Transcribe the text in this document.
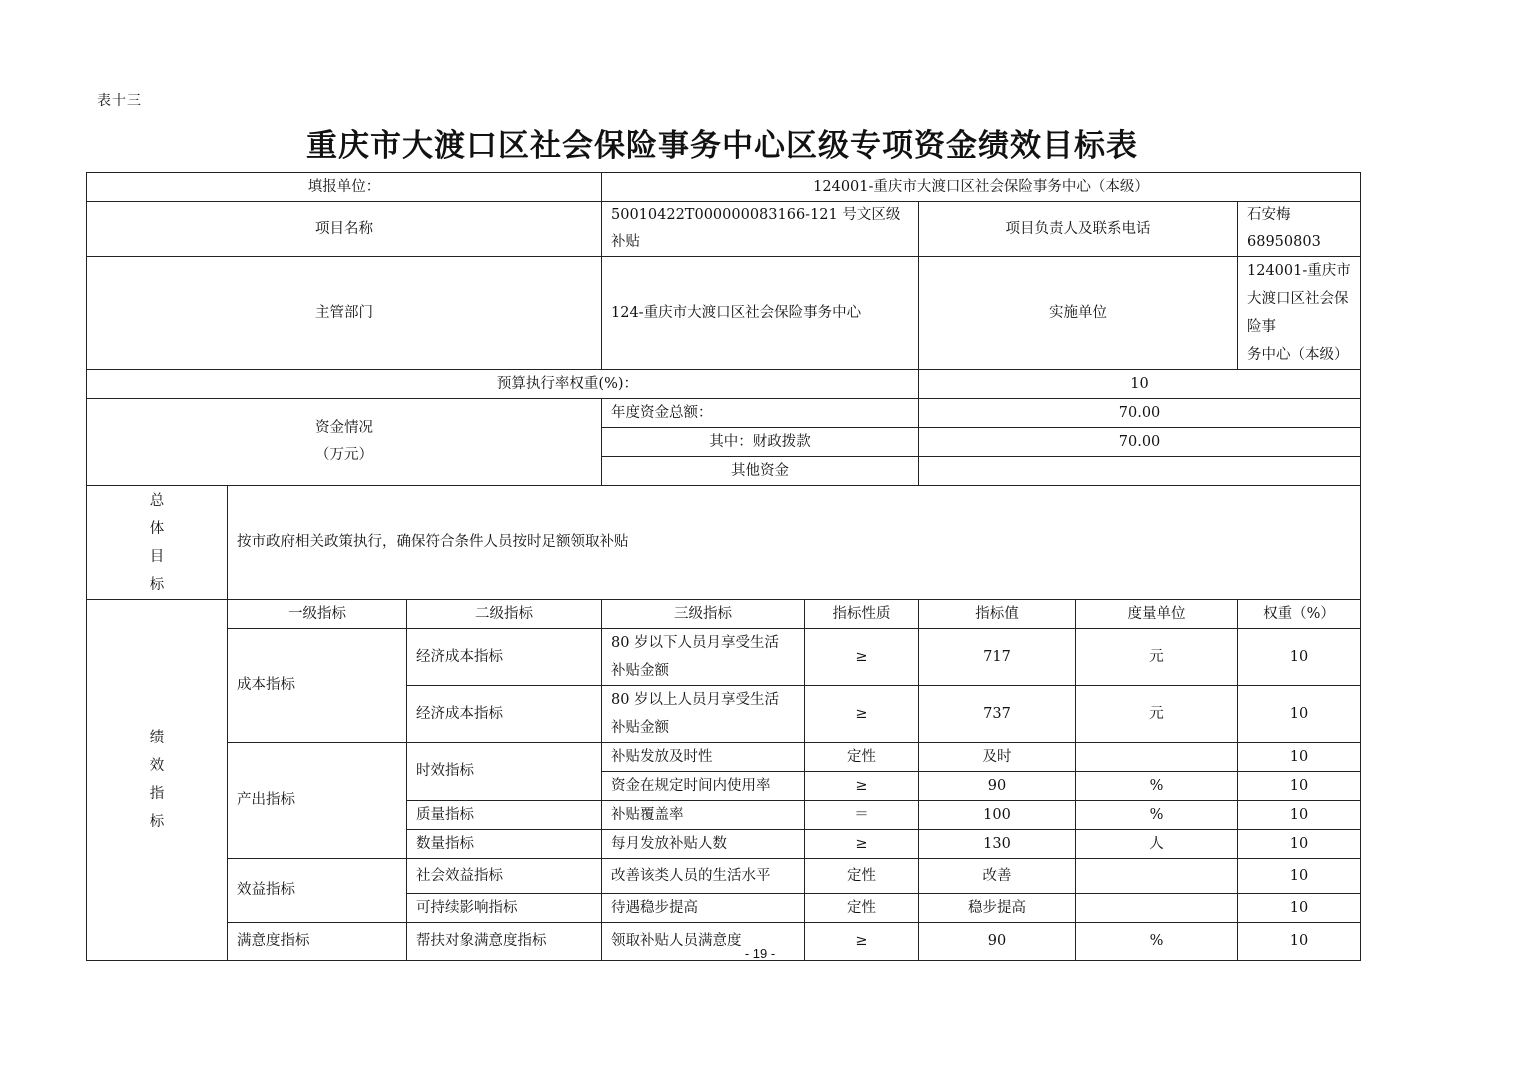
表十三
重庆市大渡口区社会保险事务中心区级专项资金绩效目标表
填报单位：			124001-重庆市大渡口区社会保险事务中心（本级）				
项目名称			50010422T000000083166-121 号文区级补贴		项目负责人及联系电话		石安梅 68950803
主管部门			124-重庆市大渡口区社会保险事务中心		实施单位		124001-重庆市大渡口区社会保险事
务中心（本级）
预算执行率权重(%)：					10		
资金情况
（万元）			年度资金总额：		70.00		
			其中：财政拨款		70.00		
			其他资金				

总
体
目
标	按市政府相关政策执行，确保符合条件人员按时足额领取补贴						

绩
效
指
标	一级指标	二级指标	三级指标	指标性质	指标值	度量单位	权重（%）
	成本指标	经济成本指标	80 岁以下人员月享受生活
补贴金额	≥	717	元	10
		经济成本指标	80 岁以上人员月享受生活
补贴金额	≥	737	元	10
	产出指标	时效指标	补贴发放及时性	定性	及时		10
			资金在规定时间内使用率	≥	90	%	10
		质量指标	补贴覆盖率	＝	100	%	10
		数量指标	每月发放补贴人数	≥	130	人	10
	效益指标	社会效益指标	改善该类人员的生活水平	定性	改善		10
		可持续影响指标	待遇稳步提高	定性	稳步提高		10
	满意度指标	帮扶对象满意度指标	领取补贴人员满意度	≥	90	%	10
- 19 -
